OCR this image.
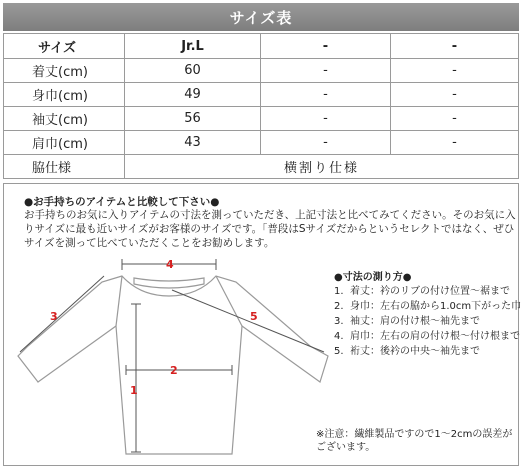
サイズ表
サイズ	Jr.L	-	-
着丈(cm)	60	-	-
身巾(cm)	49	-	-
袖丈(cm)	56	-	-
肩巾(cm)	43	-	-
脇仕様	横割り仕様		
●お手持ちのアイテムと比較して下さい●
お手持ちのお気に入りアイテムの寸法を測っていただき、上記寸法と比べてみてください。そのお気に入りサイズに最も近いサイズがお客様のサイズです。｢普段はSサイズだからというセレクトではなく、ぜひサイズを測って比べていただくことをお勧めします。
4
2
1
3	5
●寸法の測り方●
1. 着丈：衿のリブの付け位置～裾まで
2. 身巾：左右の脇から1.0cm下がった巾
3. 袖丈：肩の付け根～袖先まで
4. 肩巾：左右の肩の付け根～付け根まで
5. 裄丈：後衿の中央～袖先まで
※注意：繊維製品ですので1～2cmの誤差がございます。
